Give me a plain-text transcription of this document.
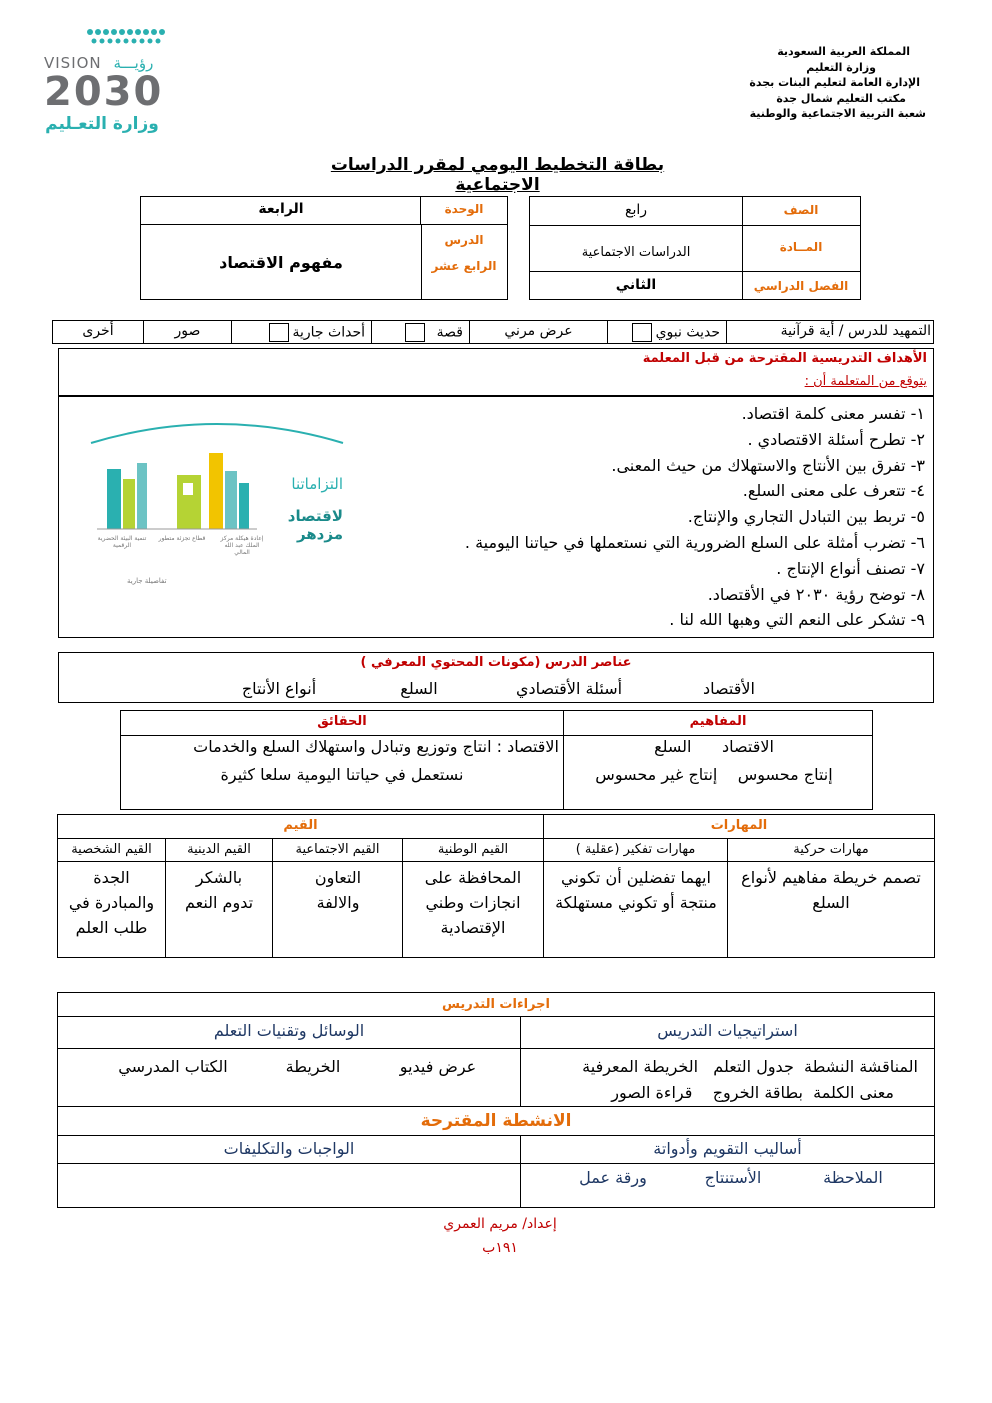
VISION رؤيـــة
2030
وزارة التعـليم
المملكة العربية السعودية
وزارة التعليم
الإدارة العامة لتعليم البنات بجدة
مكتب التعليم شمال جدة
شعبة التربية الاجتماعية والوطنية
بطاقة التخطيط اليومي لمقرر الدراسات الاجتماعية
الوحدة
الرابعة
الدرس
الرابع عشر
مفهوم الاقتصاد
الصف
رابع
المــادة
الدراسات الاجتماعية
الفصل الدراسي
الثاني
التمهيد للدرس / أية قرآنية
حديث نبوي
عرض مرني
قصة
أحداث جارية
صور
أخرى
الأهداف التدريسية المقترحة من قبل المعلمة
يتوقع من المتعلمة أن :
١- تفسر معنى كلمة اقتصاد.
٢- تطرح أسئلة الاقتصادي .
٣- تفرق بين الأنتاج والاستهلاك من حيث المعنى.
٤- تتعرف على معنى السلع.
٥- تربط بين التبادل التجاري والإنتاج.
٦- تضرب أمثلة على السلع الضرورية التي نستعملها في حياتنا اليومية .
٧- تصنف أنواع الإنتاج .
٨- توضح رؤية ٢٠٣٠ في الأقتصاد.
٩- تشكر على النعم التي وهبها الله لنا .
إعادة هيكلة مركز الملك عبد الله المالي
قطاع تجزئة متطور
تنمية البيئة الحضرية الرقمية
تفاصيلة جارية
التزاماتنا
لاقتصاد مزدهر
عناصر الدرس (مكونات المحتوي المعرفي )
الأقتصاد
أسئلة الأقتصادي
السلع
أنواع الأنتاج
المفاهيم
الحقائق
الاقتصاد      السلع
إنتاج محسوس    إنتاج غير محسوس
الاقتصاد : انتاج وتوزيع وتبادل واستهلاك السلع والخدمات
نستعمل في حياتنا اليومية سلعا كثيرة
المهارات
القيم
مهارات حركية
مهارات تفكير (عقلية )
القيم الوطنية
القيم الاجتماعية
القيم الدينية
القيم الشخصية
تصمم خريطة مفاهيم لأنواع السلع
ايهما تفضلين أن تكوني منتجة أو تكوني مستهلكة
المحافظة على انجازات وطني الإقتصادية
التعاون والالفة
بالشكر تدوم النعم
الجدة والمبادرة في طلب العلم
اجراءات التدريس
استراتيجيات التدريس
الوسائل وتقنيات التعلم
المناقشة النشطة  جدول التعلم   الخريطة المعرفية
معنى الكلمة  بطاقة الخروج    قراءة الصور
عرض فيديو
الخريطة
الكتاب المدرسي
الانشطة المقترحة
أساليب التقويم وأدواتة
الواجبات والتكليفات
الملاحظة
الأستنتاج
ورقة عمل
إعداد/ مريم العمري
١٩١ب
